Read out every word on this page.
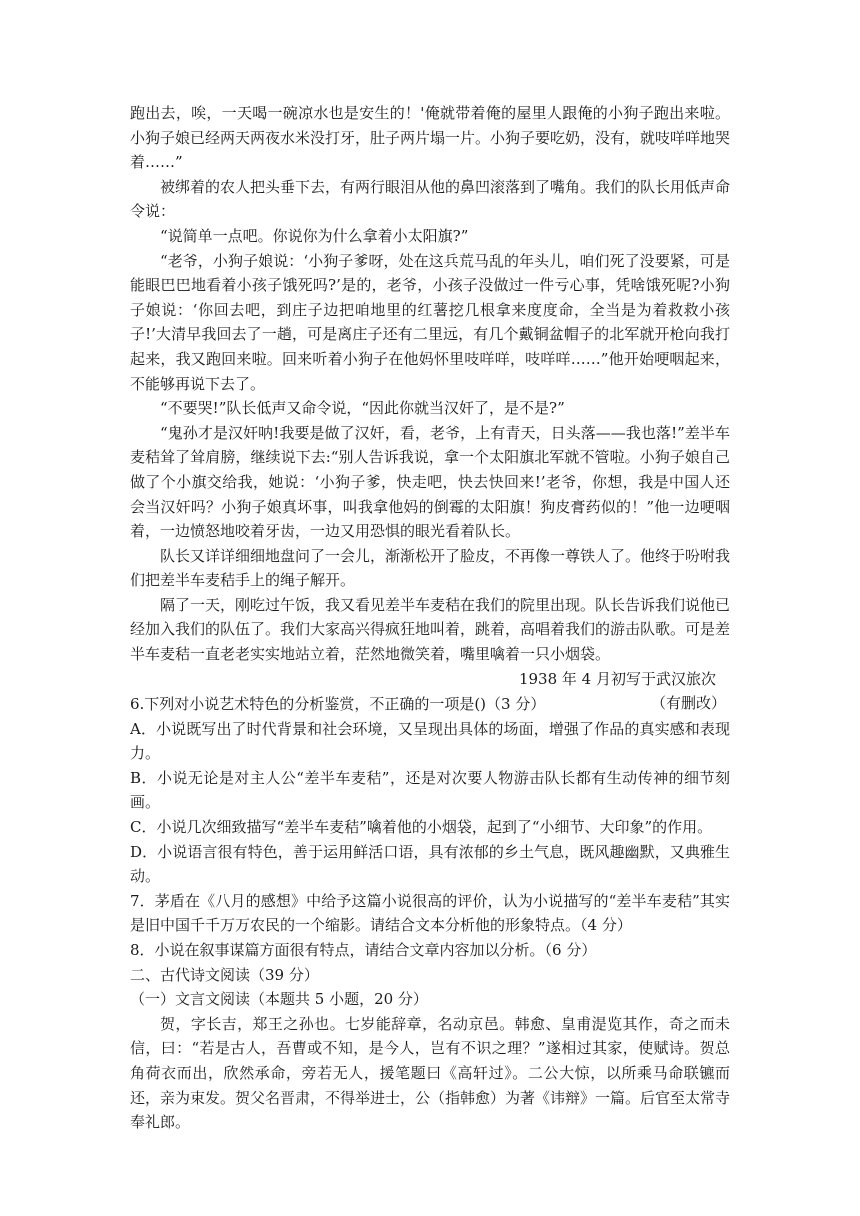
跑出去，唉，一天喝一碗凉水也是安生的！'俺就带着俺的屋里人跟俺的小狗子跑出来啦。小狗子娘已经两天两夜水米没打牙，肚子两片塌一片。小狗子要吃奶，没有，就吱咩咩地哭着……”

被绑着的农人把头垂下去，有两行眼泪从他的鼻凹滚落到了嘴角。我们的队长用低声命令说：

“说简单一点吧。你说你为什么拿着小太阳旗?”

“老爷，小狗子娘说：‘小狗子爹呀，处在这兵荒马乱的年头儿，咱们死了没要紧，可是能眼巴巴地看着小孩子饿死吗?’是的，老爷，小孩子没做过一件亏心事，凭啥饿死呢?小狗子娘说：‘你回去吧，到庄子边把咱地里的红薯挖几根拿来度度命，全当是为着救救小孩子!’大清早我回去了一趟，可是离庄子还有二里远，有几个戴铜盆帽子的北军就开枪向我打起来，我又跑回来啦。回来听着小狗子在他妈怀里吱咩咩，吱咩咩……”他开始哽咽起来，不能够再说下去了。

“不要哭!”队长低声又命令说，“因此你就当汉奸了，是不是?”

“鬼孙才是汉奸呐!我要是做了汉奸，看，老爷，上有青天，日头落——我也落!”差半车麦秸耸了耸肩膀，继续说下去:“别人告诉我说，拿一个太阳旗北军就不管啦。小狗子娘自己做了个小旗交给我，她说：‘小狗子爹，快走吧，快去快回来!’老爷，你想，我是中国人还会当汉奸吗？小狗子娘真坏事，叫我拿他妈的倒霉的太阳旗！狗皮膏药似的！”他一边哽咽着，一边愤怒地咬着牙齿，一边又用恐惧的眼光看着队长。

队长又详详细细地盘问了一会儿，渐渐松开了脸皮，不再像一尊铁人了。他终于吩咐我们把差半车麦秸手上的绳子解开。

隔了一天，刚吃过午饭，我又看见差半车麦秸在我们的院里出现。队长告诉我们说他已经加入我们的队伍了。我们大家高兴得疯狂地叫着，跳着，高唱着我们的游击队歌。可是差半车麦秸一直老老实实地站立着，茫然地微笑着，嘴里噙着一只小烟袋。

1938 年 4 月初写于武汉旅次

（有删改）

6.下列对小说艺术特色的分析鉴赏，不正确的一项是()（3 分）

A．小说既写出了时代背景和社会环境，又呈现出具体的场面，增强了作品的真实感和表现力。

B．小说无论是对主人公“差半车麦秸”，还是对次要人物游击队长都有生动传神的细节刻画。

C．小说几次细致描写“差半车麦秸”噙着他的小烟袋，起到了“小细节、大印象”的作用。

D．小说语言很有特色，善于运用鲜活口语，具有浓郁的乡土气息，既风趣幽默，又典雅生动。

7．茅盾在《八月的感想》中给予这篇小说很高的评价，认为小说描写的“差半车麦秸”其实是旧中国千千万万农民的一个缩影。请结合文本分析他的形象特点。（4 分）

8．小说在叙事谋篇方面很有特点，请结合文章内容加以分析。（6 分）

二、古代诗文阅读（39 分）

（一）文言文阅读（本题共 5 小题，20 分）

贺，字长吉，郑王之孙也。七岁能辞章，名动京邑。韩愈、皇甫湜览其作，奇之而未信，曰：“若是古人，吾曹或不知，是今人，岂有不识之理？”遂相过其家，使赋诗。贺总角荷衣而出，欣然承命，旁若无人，援笔题曰《高轩过》。二公大惊，以所乘马命联镳而还，亲为束发。贺父名晋肃，不得举进士，公（指韩愈）为著《讳辩》一篇。后官至太常寺奉礼郎。
